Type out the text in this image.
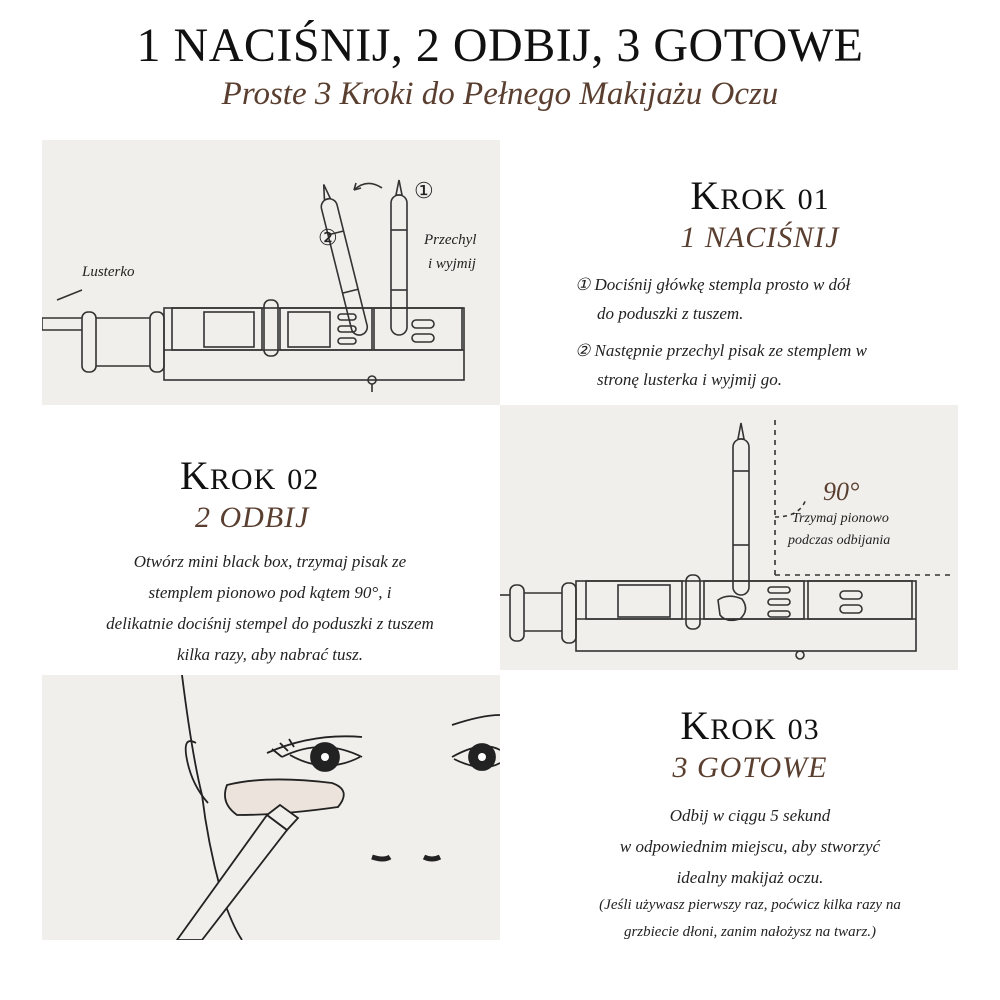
1 NACIŚNIJ, 2 ODBIJ, 3 GOTOWE
Proste 3 Kroki do Pełnego Makijażu Oczu
Lusterko
①
②	Przechyl
i wyjmij
KROK 01
1 NACIŚNIJ
① Dociśnij główkę stempla prosto w dół
do poduszki z tuszem.
② Następnie przechyl pisak ze stemplem w
stronę lusterka i wyjmij go.
KROK 02
2 ODBIJ
Otwórz mini black box, trzymaj pisak ze
stemplem pionowo pod kątem 90°, i
delikatnie dociśnij stempel do poduszki z tuszem
kilka razy, aby nabrać tusz.
90°
Trzymaj pionowo
podczas odbijania
KROK 03
3 GOTOWE
Odbij w ciągu 5 sekund
w odpowiednim miejscu, aby stworzyć
idealny makijaż oczu.
(Jeśli używasz pierwszy raz, poćwicz kilka razy na
grzbiecie dłoni, zanim nałożysz na twarz.)
